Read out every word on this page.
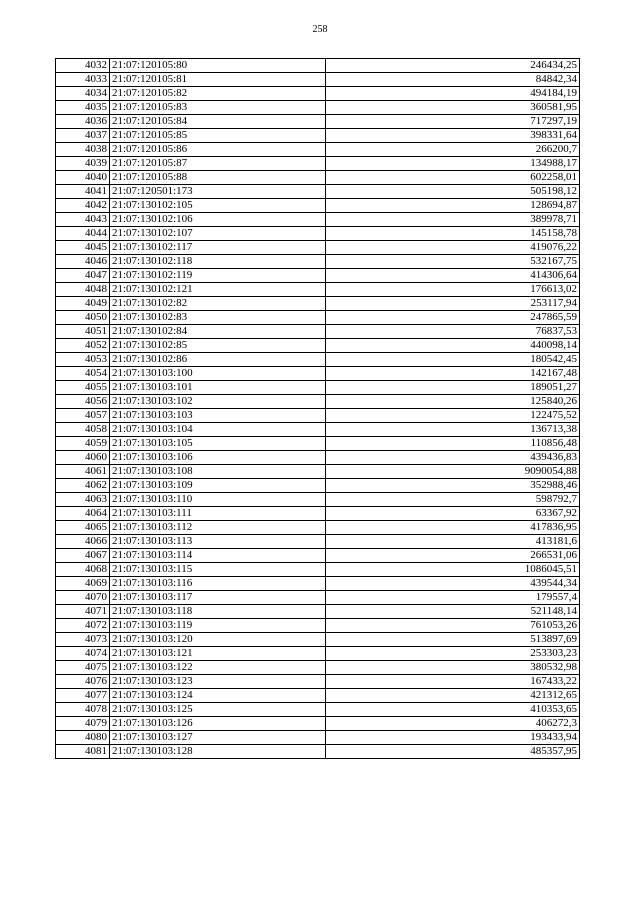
258
4032	21:07:120105:80	246434,25
4033	21:07:120105:81	84842,34
4034	21:07:120105:82	494184,19
4035	21:07:120105:83	360581,95
4036	21:07:120105:84	717297,19
4037	21:07:120105:85	398331,64
4038	21:07:120105:86	266200,7
4039	21:07:120105:87	134988,17
4040	21:07:120105:88	602258,01
4041	21:07:120501:173	505198,12
4042	21:07:130102:105	128694,87
4043	21:07:130102:106	389978,71
4044	21:07:130102:107	145158,78
4045	21:07:130102:117	419076,22
4046	21:07:130102:118	532167,75
4047	21:07:130102:119	414306,64
4048	21:07:130102:121	176613,02
4049	21:07:130102:82	253117,94
4050	21:07:130102:83	247865,59
4051	21:07:130102:84	76837,53
4052	21:07:130102:85	440098,14
4053	21:07:130102:86	180542,45
4054	21:07:130103:100	142167,48
4055	21:07:130103:101	189051,27
4056	21:07:130103:102	125840,26
4057	21:07:130103:103	122475,52
4058	21:07:130103:104	136713,38
4059	21:07:130103:105	110856,48
4060	21:07:130103:106	439436,83
4061	21:07:130103:108	9090054,88
4062	21:07:130103:109	352988,46
4063	21:07:130103:110	598792,7
4064	21:07:130103:111	63367,92
4065	21:07:130103:112	417836,95
4066	21:07:130103:113	413181,6
4067	21:07:130103:114	266531,06
4068	21:07:130103:115	1086045,51
4069	21:07:130103:116	439544,34
4070	21:07:130103:117	179557,4
4071	21:07:130103:118	521148,14
4072	21:07:130103:119	761053,26
4073	21:07:130103:120	513897,69
4074	21:07:130103:121	253303,23
4075	21:07:130103:122	380532,98
4076	21:07:130103:123	167433,22
4077	21:07:130103:124	421312,65
4078	21:07:130103:125	410353,65
4079	21:07:130103:126	406272,3
4080	21:07:130103:127	193433,94
4081	21:07:130103:128	485357,95
